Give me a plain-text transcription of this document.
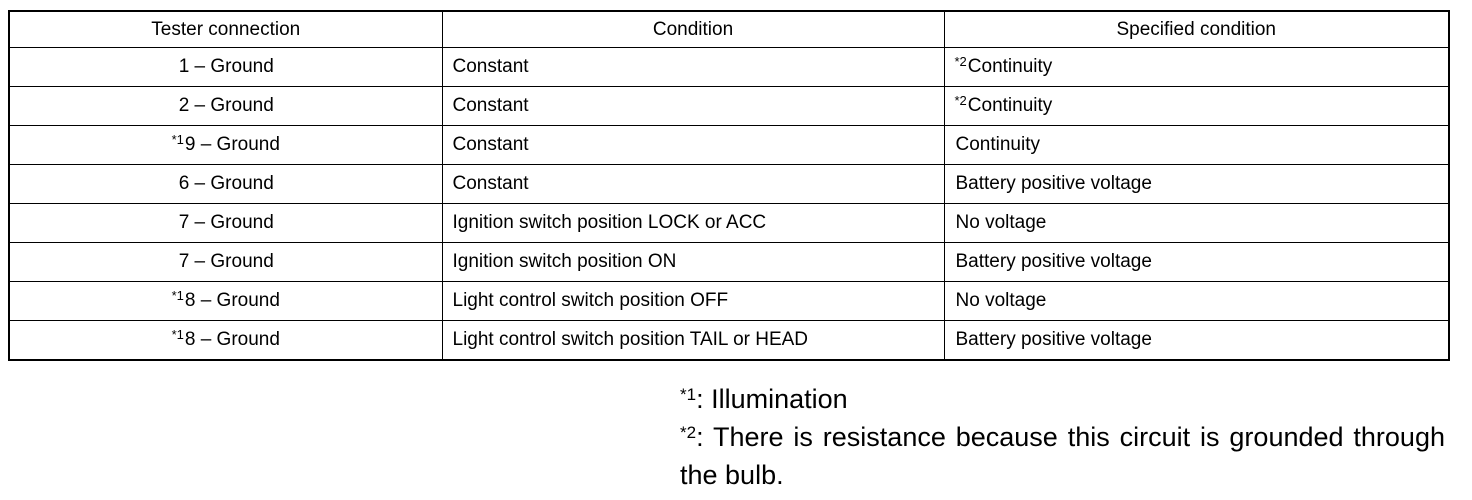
Tester connection	Condition	Specified condition
1 – Ground	Constant	$^{*2}$Continuity
2 – Ground	Constant	$^{*2}$Continuity
$^{*1}$9 – Ground	Constant	Continuity
6 – Ground	Constant	Battery positive voltage
7 – Ground	Ignition switch position LOCK or ACC	No voltage
7 – Ground	Ignition switch position ON	Battery positive voltage
$^{*1}$8 – Ground	Light control switch position OFF	No voltage
$^{*1}$8 – Ground	Light control switch position TAIL or HEAD	Battery positive voltage

$^{*1}$: Illumination

$^{*2}$: There is resistance because this circuit is grounded through the bulb.
